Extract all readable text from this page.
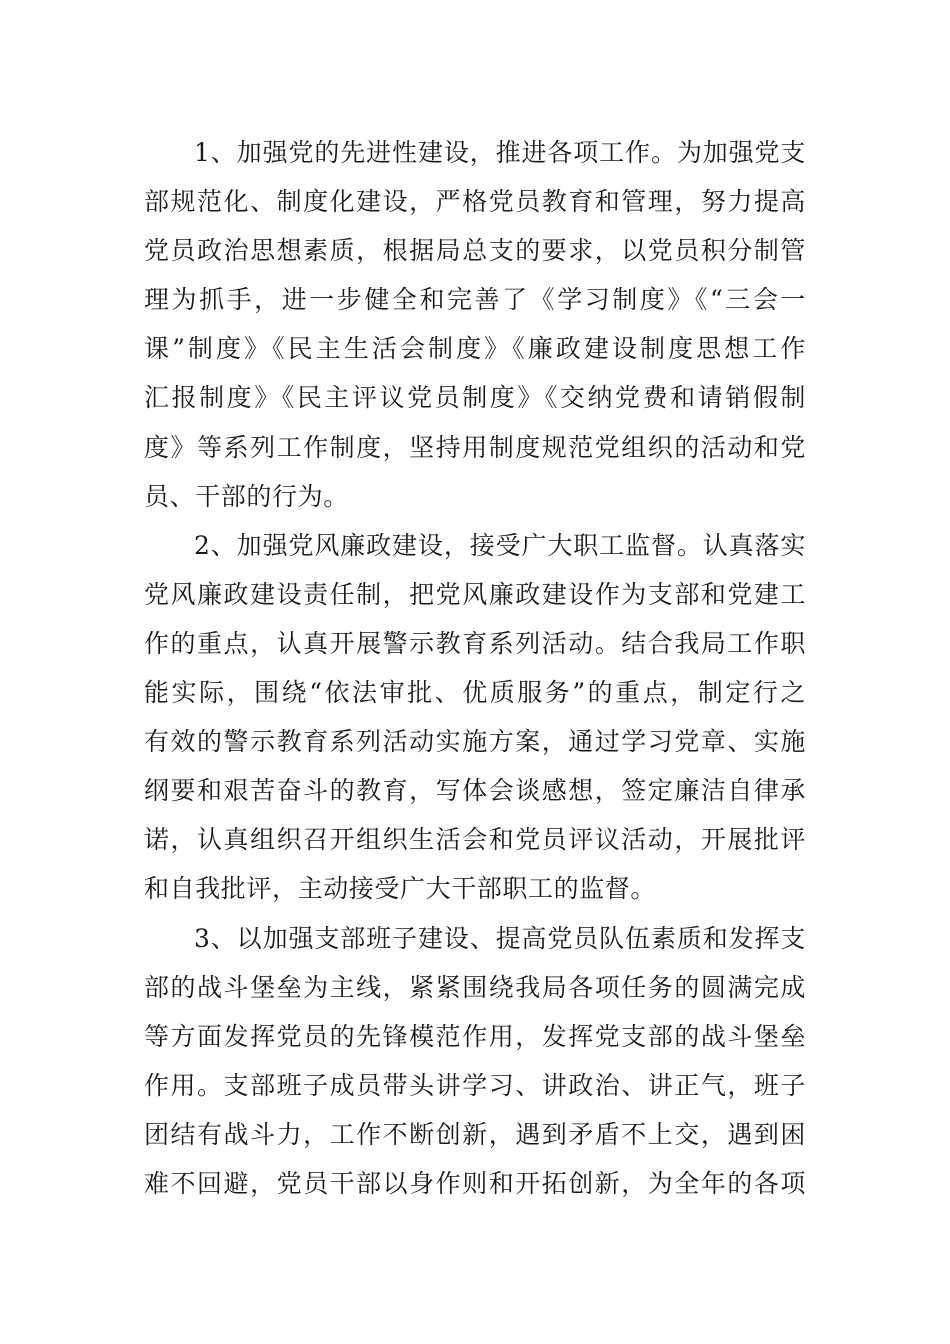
1、加强党的先进性建设，推进各项工作。为加强党支
部规范化、制度化建设，严格党员教育和管理，努力提高
党员政治思想素质，根据局总支的要求，以党员积分制管
理为抓手，进一步健全和完善了《学习制度》《“三会一
课”制度》《民主生活会制度》《廉政建设制度思想工作
汇报制度》《民主评议党员制度》《交纳党费和请销假制
度》等系列工作制度，坚持用制度规范党组织的活动和党
员、干部的行为。
2、加强党风廉政建设，接受广大职工监督。认真落实
党风廉政建设责任制，把党风廉政建设作为支部和党建工
作的重点，认真开展警示教育系列活动。结合我局工作职
能实际，围绕“依法审批、优质服务”的重点，制定行之
有效的警示教育系列活动实施方案，通过学习党章、实施
纲要和艰苦奋斗的教育，写体会谈感想，签定廉洁自律承
诺，认真组织召开组织生活会和党员评议活动，开展批评
和自我批评，主动接受广大干部职工的监督。
3、以加强支部班子建设、提高党员队伍素质和发挥支
部的战斗堡垒为主线，紧紧围绕我局各项任务的圆满完成
等方面发挥党员的先锋模范作用，发挥党支部的战斗堡垒
作用。支部班子成员带头讲学习、讲政治、讲正气，班子
团结有战斗力，工作不断创新，遇到矛盾不上交，遇到困
难不回避，党员干部以身作则和开拓创新，为全年的各项
